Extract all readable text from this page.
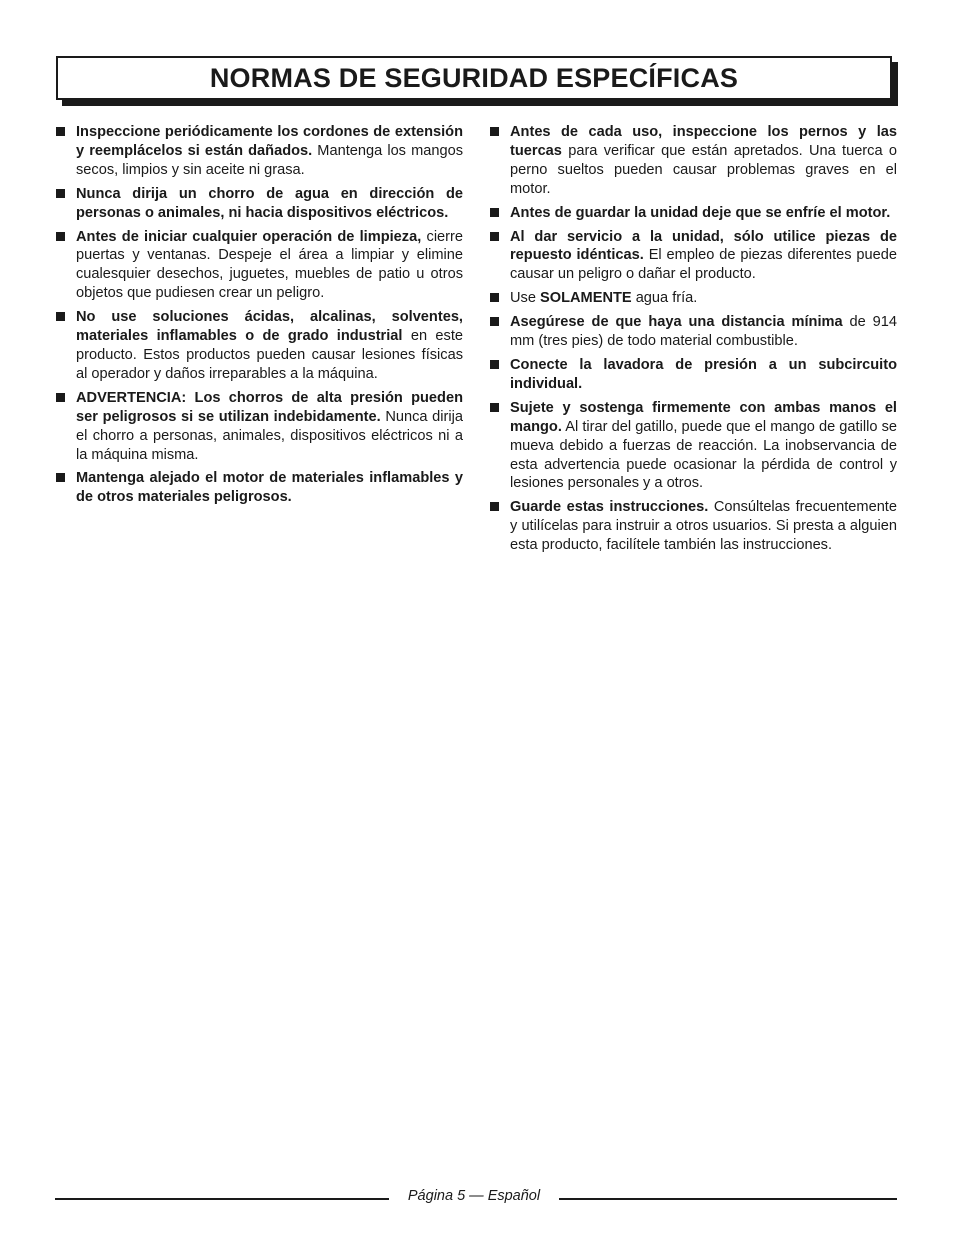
NORMAS DE SEGURIDAD ESPECÍFICAS
Inspeccione periódicamente los cordones de extensión y reemplácelos si están dañados. Mantenga los mangos secos, limpios y sin aceite ni grasa.
Nunca dirija un chorro de agua en dirección de personas o animales, ni hacia dispositivos eléctricos.
Antes de iniciar cualquier operación de limpieza, cierre puertas y ventanas. Despeje el área a limpiar y elimine cualesquier desechos, juguetes, muebles de patio u otros objetos que pudiesen crear un peligro.
No use soluciones ácidas, alcalinas, solventes, materiales inflamables o de grado industrial en este producto. Estos productos pueden causar lesiones físicas al operador y daños irreparables a la máquina.
ADVERTENCIA: Los chorros de alta presión pueden ser peligrosos si se utilizan indebidamente. Nunca dirija el chorro a personas, animales, dispositivos eléctricos ni a la máquina misma.
Mantenga alejado el motor de materiales inflamables y de otros materiales peligrosos.
Antes de cada uso, inspeccione los pernos y las tuercas para verificar que están apretados. Una tuerca o perno sueltos pueden causar problemas graves en el motor.
Antes de guardar la unidad deje que se enfríe el motor.
Al dar servicio a la unidad, sólo utilice piezas de repuesto idénticas. El empleo de piezas diferentes puede causar un peligro o dañar el producto.
Use SOLAMENTE agua fría.
Asegúrese de que haya una distancia mínima de 914 mm (tres pies) de todo material combustible.
Conecte la lavadora de presión a un subcircuito individual.
Sujete y sostenga firmemente con ambas manos el mango. Al tirar del gatillo, puede que el mango de gatillo se mueva debido a fuerzas de reacción. La inobservancia de esta advertencia puede ocasionar la pérdida de control y lesiones personales y a otros.
Guarde estas instrucciones. Consúltelas frecuentemente y utilícelas para instruir a otros usuarios. Si presta a alguien esta producto, facilítele también las instrucciones.
Página 5 — Español
